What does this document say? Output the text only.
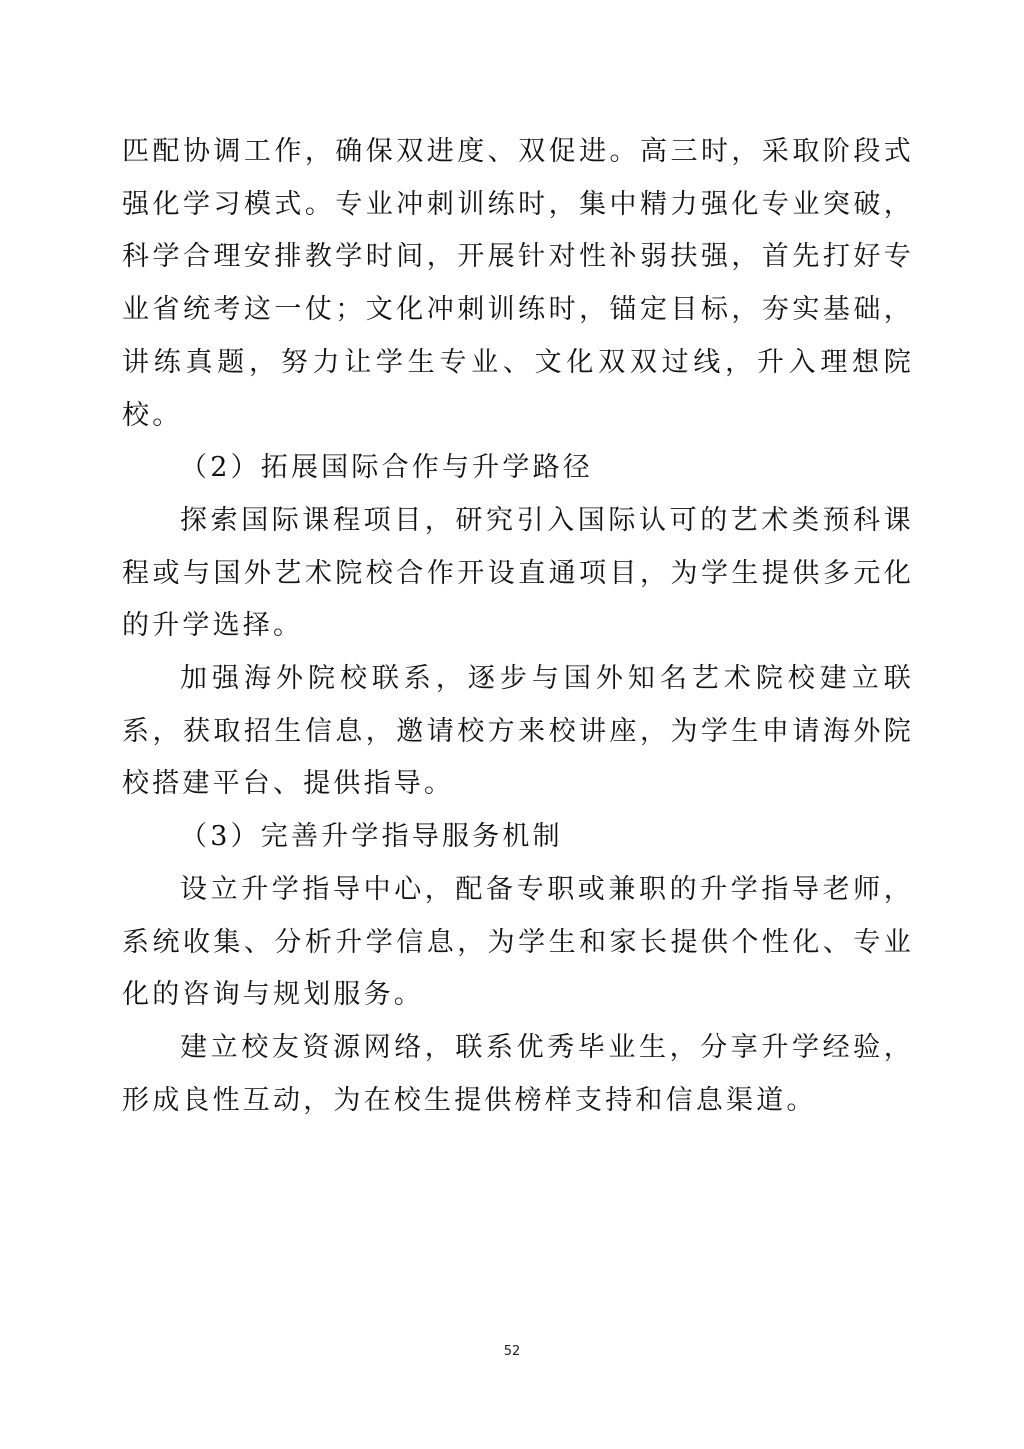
匹配协调工作，确保双进度、双促进。高三时，采取阶段式强化学习模式。专业冲刺训练时，集中精力强化专业突破，科学合理安排教学时间，开展针对性补弱扶强，首先打好专业省统考这一仗；文化冲刺训练时，锚定目标，夯实基础，讲练真题，努力让学生专业、文化双双过线，升入理想院校。

（2）拓展国际合作与升学路径

探索国际课程项目，研究引入国际认可的艺术类预科课程或与国外艺术院校合作开设直通项目，为学生提供多元化的升学选择。

加强海外院校联系，逐步与国外知名艺术院校建立联系，获取招生信息，邀请校方来校讲座，为学生申请海外院校搭建平台、提供指导。

（3）完善升学指导服务机制

设立升学指导中心，配备专职或兼职的升学指导老师，系统收集、分析升学信息，为学生和家长提供个性化、专业化的咨询与规划服务。

建立校友资源网络，联系优秀毕业生，分享升学经验，形成良性互动，为在校生提供榜样支持和信息渠道。

52
